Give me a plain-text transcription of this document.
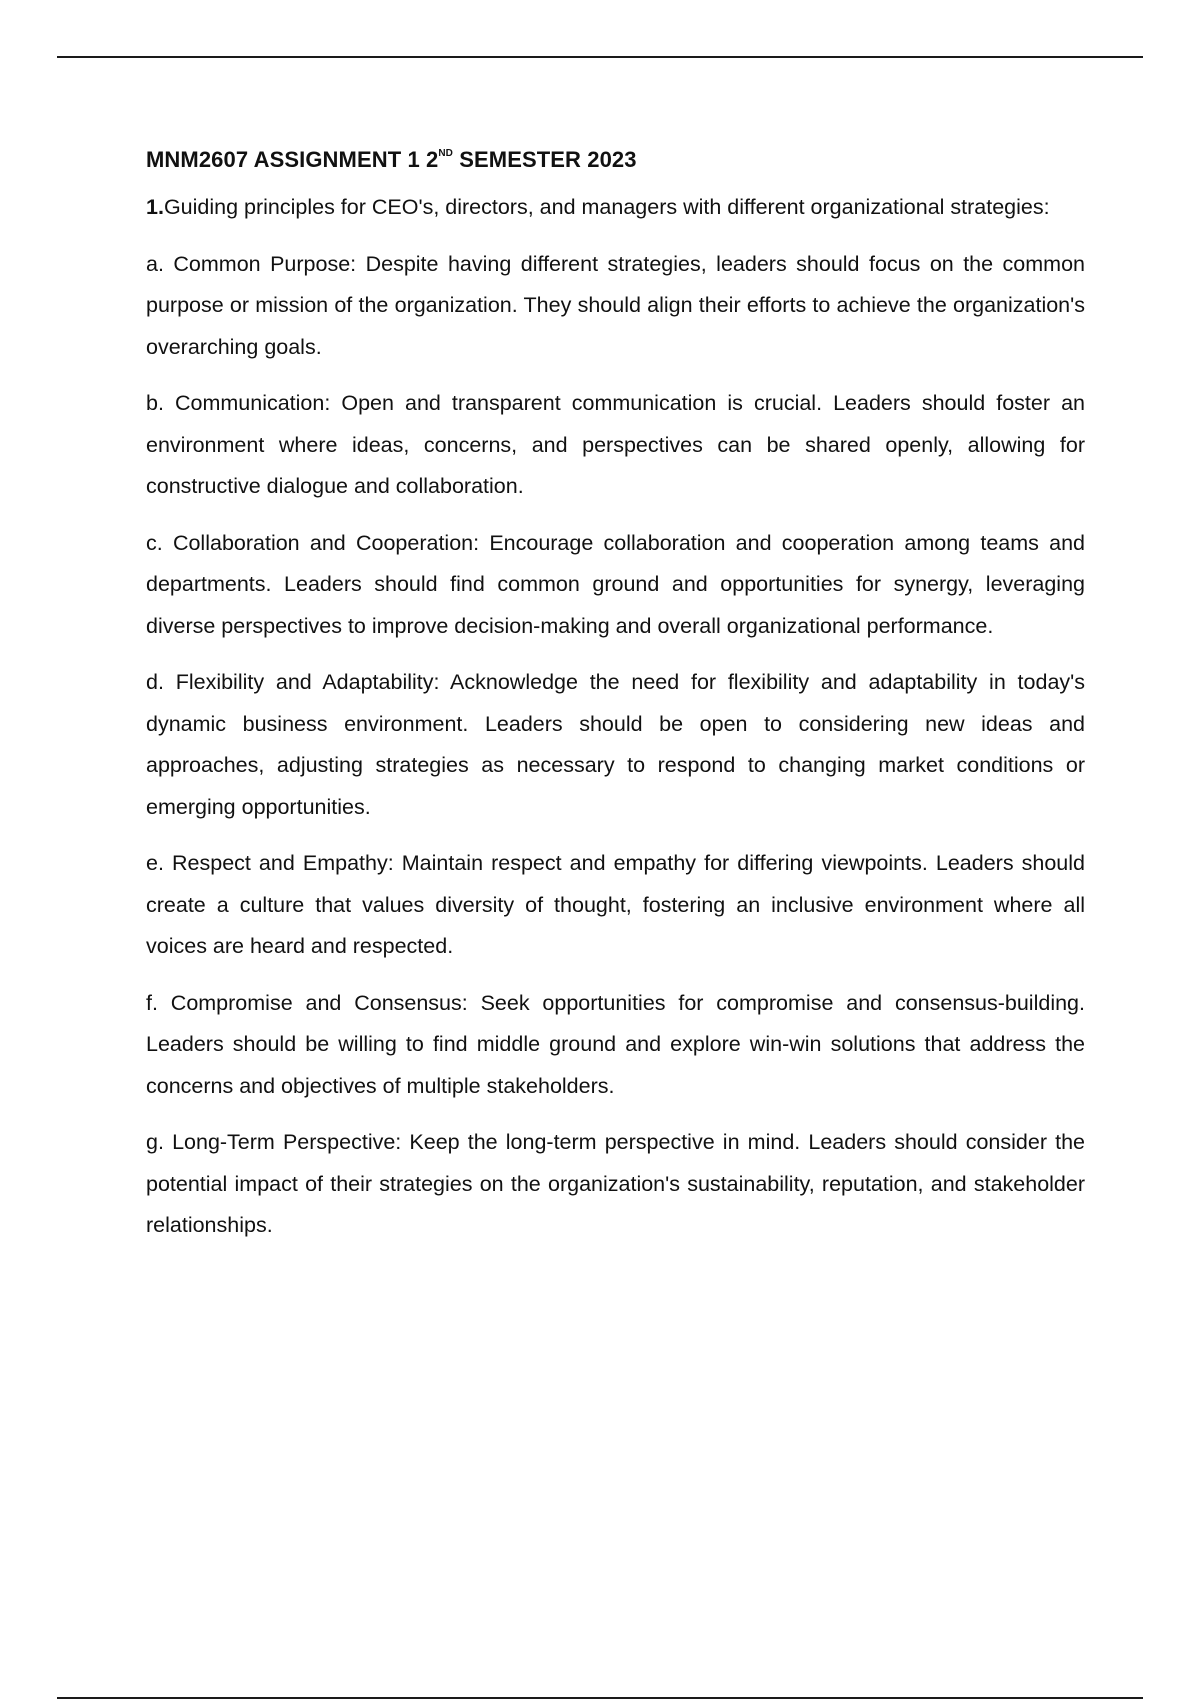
MNM2607 ASSIGNMENT 1 2ND SEMESTER 2023

1.Guiding principles for CEO's, directors, and managers with different organizational strategies:

a. Common Purpose: Despite having different strategies, leaders should focus on the common purpose or mission of the organization. They should align their efforts to achieve the organization's overarching goals.

b. Communication: Open and transparent communication is crucial. Leaders should foster an environment where ideas, concerns, and perspectives can be shared openly, allowing for constructive dialogue and collaboration.

c. Collaboration and Cooperation: Encourage collaboration and cooperation among teams and departments. Leaders should find common ground and opportunities for synergy, leveraging diverse perspectives to improve decision-making and overall organizational performance.

d. Flexibility and Adaptability: Acknowledge the need for flexibility and adaptability in today's dynamic business environment. Leaders should be open to considering new ideas and approaches, adjusting strategies as necessary to respond to changing market conditions or emerging opportunities.

e. Respect and Empathy: Maintain respect and empathy for differing viewpoints. Leaders should create a culture that values diversity of thought, fostering an inclusive environment where all voices are heard and respected.

f. Compromise and Consensus: Seek opportunities for compromise and consensus-building. Leaders should be willing to find middle ground and explore win-win solutions that address the concerns and objectives of multiple stakeholders.

g. Long-Term Perspective: Keep the long-term perspective in mind. Leaders should consider the potential impact of their strategies on the organization's sustainability, reputation, and stakeholder relationships.
